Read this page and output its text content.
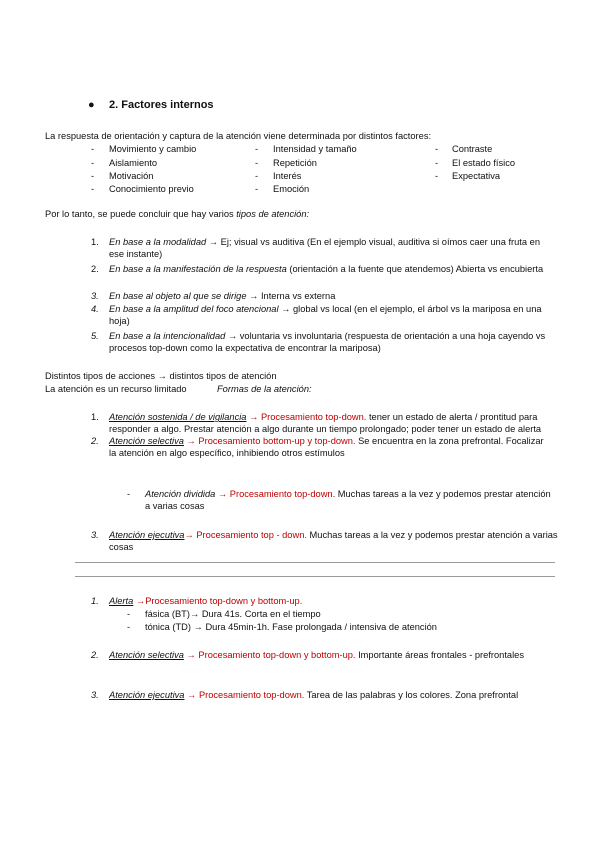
● 2. Factores internos
La respuesta de orientación y captura de la atención viene determinada por distintos factores:
- Movimiento y cambio
- Aislamiento
- Motivación
- Conocimiento previo
- Intensidad y tamaño
- Repetición
- Interés
- Emoción
- Contraste
- El estado físico
- Expectativa
Por lo tanto, se puede concluir que hay varios tipos de atención:
1. En base a la modalidad → Ej; visual vs auditiva (En el ejemplo visual, auditiva si oímos caer una fruta en ese instante)
2. En base a la manifestación de la respuesta (orientación a la fuente que atendemos) Abierta vs encubierta
3. En base al objeto al que se dirige → Interna vs externa
4. En base a la amplitud del foco atencional → global vs local (en el ejemplo, el árbol vs la mariposa en una hoja)
5. En base a la intencionalidad → voluntaria vs involuntaria (respuesta de orientación a una hoja cayendo vs procesos top-down como la expectativa de encontrar la mariposa)
Distintos tipos de acciones → distintos tipos de atención
La atención es un recurso limitado	Formas de la atención:
1. Atención sostenida / de vigilancia → Procesamiento top-down. tener un estado de alerta / prontitud para responder a algo. Prestar atención a algo durante un tiempo prolongado; poder tener un estado de alerta
2. Atención selectiva → Procesamiento bottom-up y top-down. Se encuentra en la zona prefrontal. Focalizar la atención en algo específico, inhibiendo otros estímulos
- Atención dividida → Procesamiento top-down. Muchas tareas a la vez y podemos prestar atención a varias cosas
3. Atención ejecutiva→ Procesamiento top - down. Muchas tareas a la vez y podemos prestar atención a varias cosas
1. Alerta →Procesamiento top-down y bottom-up.
- fásica (BT)→ Dura 41s. Corta en el tiempo
- tónica (TD) → Dura 45min-1h. Fase prolongada / intensiva de atención
2. Atención selectiva → Procesamiento top-down y bottom-up. Importante áreas frontales - prefrontales
3. Atención ejecutiva → Procesamiento top-down. Tarea de las palabras y los colores. Zona prefrontal
